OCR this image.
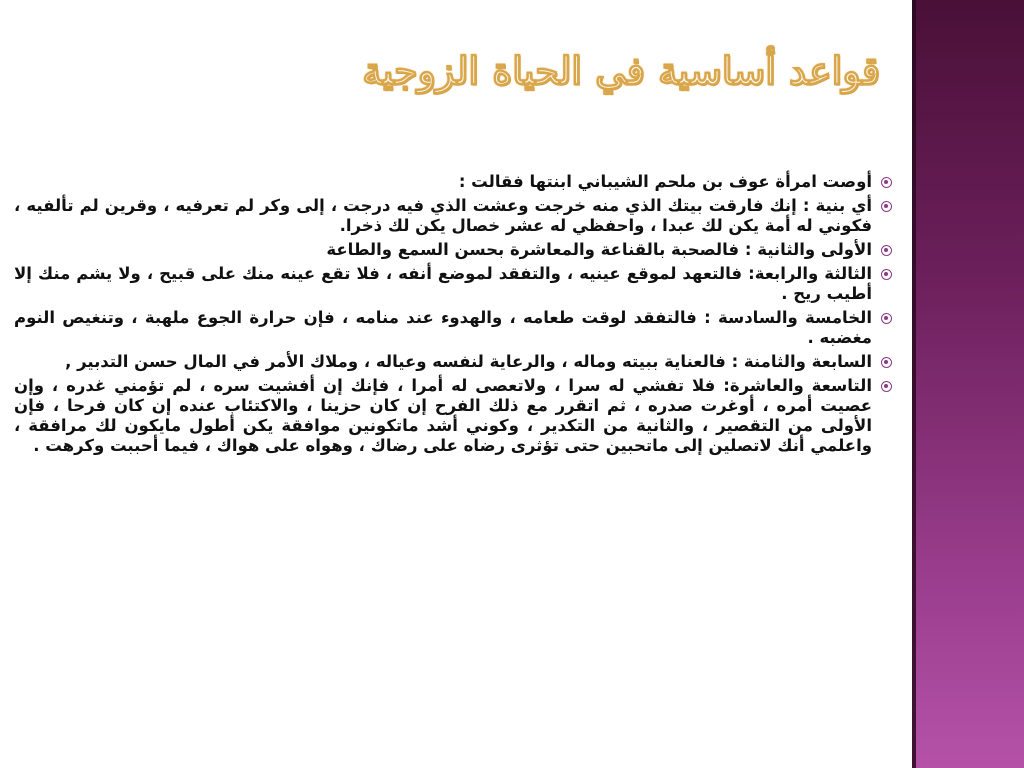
قواعد أساسية في الحياة الزوجية
أوصت امرأة عوف بن ملحم الشيباني ابنتها فقالت :
أي بنية : إنك فارقت بيتك الذي منه خرجت وعشت الذي فيه درجت ، إلى وكر لم تعرفيه ، وقرين لم تألفيه ، فكوني له أمة يكن لك عبدا ، واحفظي له عشر خصال يكن لك ذخرا.
الأولى والثانية : فالصحبة بالقناعة والمعاشرة بحسن السمع والطاعة
الثالثة والرابعة: فالتعهد لموقع عينيه ، والتفقد لموضع أنفه ، فلا تقع عينه منك على قبيح ، ولا يشم منك إلا أطيب ريح .
الخامسة والسادسة : فالتفقد لوقت طعامه ، والهدوء عند منامه ، فإن حرارة الجوع ملهبة ، وتنغيص النوم مغضبه .
السابعة والثامنة : فالعناية ببيته وماله ، والرعاية لنفسه وعياله ، وملاك الأمر في المال حسن التدبير ,
التاسعة والعاشرة: فلا تفشي له سرا ، ولاتعصى له أمرا ، فإنك إن أفشيت سره ، لم تؤمني غدره ، وإن عصيت أمره ، أوغرت صدره ، ثم اتقرر مع ذلك الفرح إن كان حزينا ، والاكتئاب عنده إن كان فرحا ، فإن الأولى من التقصير ، والثانية من التكدير ، وكوني أشد ماتكونين موافقة يكن أطول مايكون لك مرافقة ، واعلمي أنك لاتصلين إلى ماتحبين حتى تؤثرى رضاه على رضاك ، وهواه على هواك ، فيما أحببت وكرهت .
